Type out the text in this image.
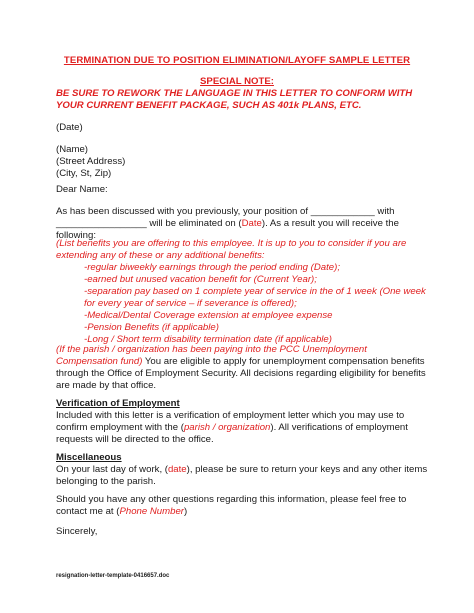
TERMINATION DUE TO POSITION ELIMINATION/LAYOFF SAMPLE LETTER
SPECIAL NOTE:
BE SURE TO REWORK THE LANGUAGE IN THIS LETTER TO CONFORM WITH
YOUR CURRENT BENEFIT PACKAGE, SUCH AS 401k PLANS, ETC.
(Date)

(Name)

(Street Address)

(City, St, Zip)

Dear Name:

As has been discussed with you previously, your position of ____________ with

_________________ will be eliminated on (Date). As a result you will receive the

following:

(List benefits you are offering to this employee. It is up to you to consider if you are

extending any of these or any additional benefits:

-regular biweekly earnings through the period ending (Date);

-earned but unused vacation benefit for (Current Year);

-separation pay based on 1 complete year of service in the of 1 week (One week

for every year of service – if severance is offered);

-Medical/Dental Coverage extension at employee expense

-Pension Benefits (if applicable)

-Long / Short term disability termination date (if applicable)

(If the parish / organization has been paying into the PCC Unemployment

Compensation fund) You are eligible to apply for unemployment compensation benefits

through the Office of Employment Security. All decisions regarding eligibility for benefits

are made by that office.

Verification of Employment

Included with this letter is a verification of employment letter which you may use to

confirm employment with the (parish / organization). All verifications of employment

requests will be directed to the office.

Miscellaneous

On your last day of work, (date), please be sure to return your keys and any other items

belonging to the parish.

Should you have any other questions regarding this information, please feel free to

contact me at (Phone Number)

Sincerely,
resignation-letter-template-0416657.doc
